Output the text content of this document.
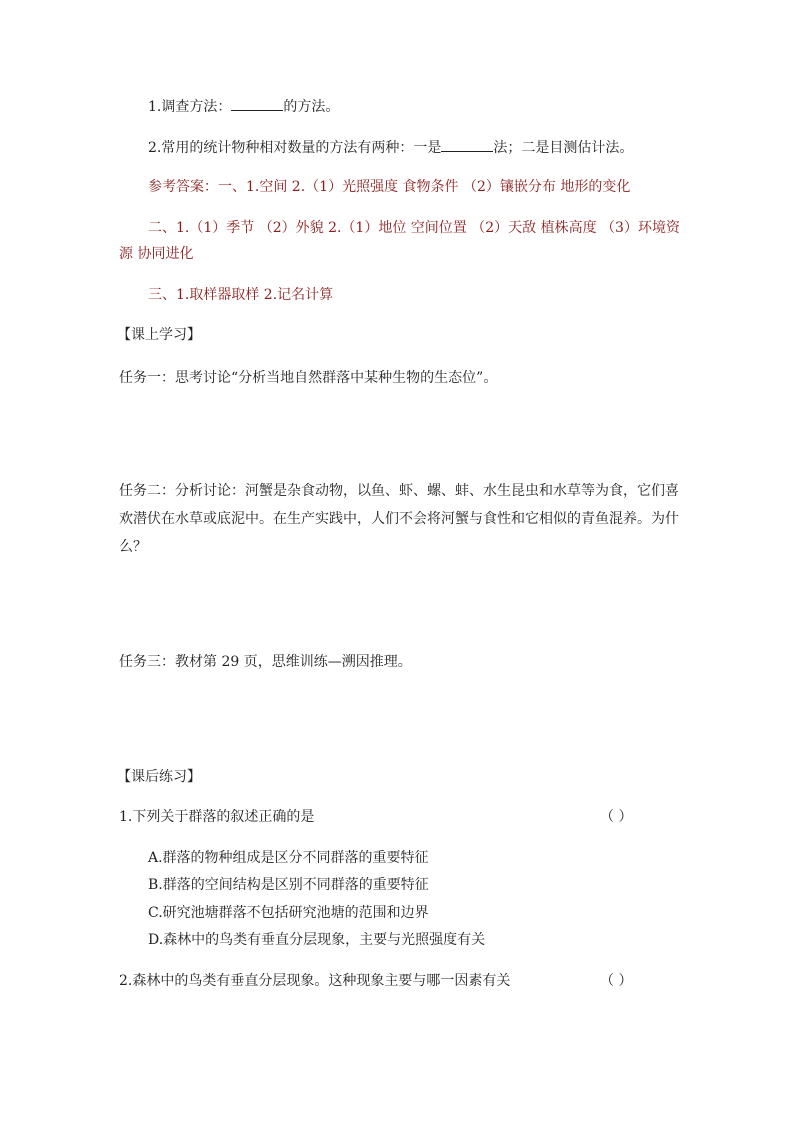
1.调查方法：	的方法。
2.常用的统计物种相对数量的方法有两种：一是	法；二是目测估计法。
参考答案：一、1.空间 2.（1）光照强度 食物条件 （2）镶嵌分布 地形的变化
二、1.（1）季节 （2）外貌 2.（1）地位 空间位置 （2）天敌 植株高度 （3）环境资
源 协同进化
三、1.取样器取样 2.记名计算
【课上学习】
任务一：思考讨论“分析当地自然群落中某种生物的生态位”。
任务二：分析讨论：河蟹是杂食动物，以鱼、虾、螺、蚌、水生昆虫和水草等为食，它们喜
欢潜伏在水草或底泥中。在生产实践中，人们不会将河蟹与食性和它相似的青鱼混养。为什
么？
任务三：教材第 29 页，思维训练—溯因推理。
【课后练习】
1.下列关于群落的叙述正确的是	（ ）
A.群落的物种组成是区分不同群落的重要特征
B.群落的空间结构是区别不同群落的重要特征
C.研究池塘群落不包括研究池塘的范围和边界
D.森林中的鸟类有垂直分层现象，主要与光照强度有关
2.森林中的鸟类有垂直分层现象。这种现象主要与哪一因素有关	（ ）
